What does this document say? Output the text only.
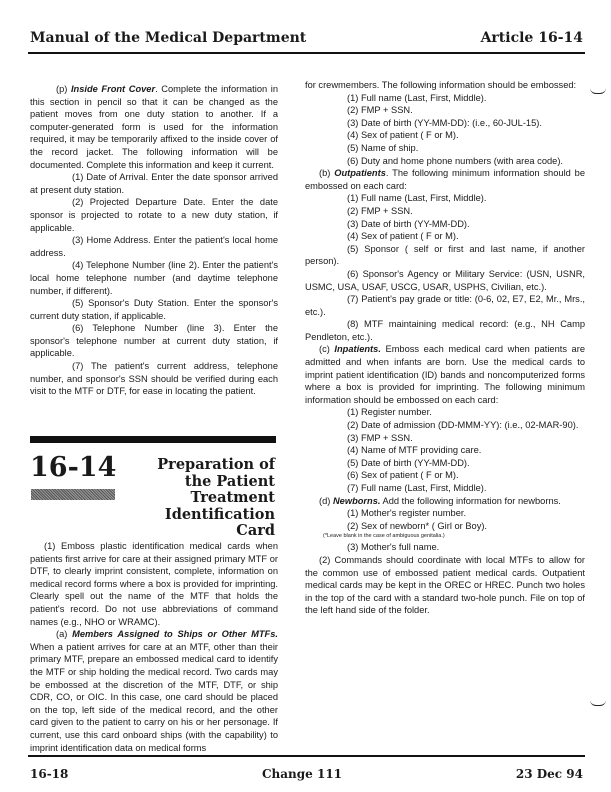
Manual of the Medical Department	Article 16-14

(p) Inside Front Cover. Complete the information in this section in pencil so that it can be changed as the patient moves from one duty station to another. If a computer-generated form is used for the information required, it may be temporarily affixed to the inside cover of the record jacket. The following information will be documented. Complete this information and keep it current.

(1) Date of Arrival. Enter the date sponsor arrived at present duty station.

(2) Projected Departure Date. Enter the date sponsor is projected to rotate to a new duty station, if applicable.

(3) Home Address. Enter the patient's local home address.

(4) Telephone Number (line 2). Enter the patient's local home telephone number (and daytime telephone number, if different).

(5) Sponsor's Duty Station. Enter the sponsor's current duty station, if applicable.

(6) Telephone Number (line 3). Enter the sponsor's telephone number at current duty station, if applicable.

(7) The patient's current address, telephone number, and sponsor's SSN should be verified during each visit to the MTF or DTF, for ease in locating the patient.

16-14	Preparation of
the Patient
Treatment
Identification
Card

(1) Emboss plastic identification medical cards when patients first arrive for care at their assigned primary MTF or DTF, to clearly imprint consistent, complete, information on medical record forms where a box is provided for imprinting. Clearly spell out the name of the MTF that holds the patient's record. Do not use abbreviations of command names (e.g., NHO or WRAMC).

(a) Members Assigned to Ships or Other MTFs. When a patient arrives for care at an MTF, other than their primary MTF, prepare an embossed medical card to identify the MTF or ship holding the medical record. Two cards may be embossed at the discretion of the MTF, DTF, or ship CDR, CO, or OIC. In this case, one card should be placed on the top, left side of the medical record, and the other card given to the patient to carry on his or her personage. If current, use this card onboard ships (with the capability) to imprint identification data on medical forms

for crewmembers. The following information should be embossed:

(1) Full name (Last, First, Middle).

(2) FMP + SSN.

(3) Date of birth (YY-MM-DD): (i.e., 60-JUL-15).

(4) Sex of patient ( F or M).

(5) Name of ship.

(6) Duty and home phone numbers (with area code).

(b) Outpatients. The following minimum information should be embossed on each card:

(1) Full name (Last, First, Middle).

(2) FMP + SSN.

(3) Date of birth (YY-MM-DD).

(4) Sex of patient ( F or M).

(5) Sponsor ( self or first and last name, if another person).

(6) Sponsor's Agency or Military Service: (USN, USNR, USMC, USA, USAF, USCG, USAR, USPHS, Civilian, etc.).

(7) Patient's pay grade or title: (0-6, 02, E7, E2, Mr., Mrs., etc.).

(8) MTF maintaining medical record: (e.g., NH Camp Pendleton, etc.).

(c) Inpatients. Emboss each medical card when patients are admitted and when infants are born. Use the medical cards to imprint patient identification (ID) bands and noncomputerized forms where a box is provided for imprinting. The following minimum information should be embossed on each card:

(1) Register number.

(2) Date of admission (DD-MMM-YY): (i.e., 02-MAR-90).

(3) FMP + SSN.

(4) Name of MTF providing care.

(5) Date of birth (YY-MM-DD).

(6) Sex of patient ( F or M).

(7) Full name (Last, First, Middle).

(d) Newborns. Add the following information for newborns.

(1) Mother's register number.

(2) Sex of newborn* ( Girl or Boy).

(*Leave blank in the case of ambiguous genitalia.)

(3) Mother's full name.

(2) Commands should coordinate with local MTFs to allow for the common use of embossed patient medical cards. Outpatient medical cards may be kept in the OREC or HREC. Punch two holes in the top of the card with a standard two-hole punch. File on top of the left hand side of the folder.

16-18	Change 111	23 Dec 94
